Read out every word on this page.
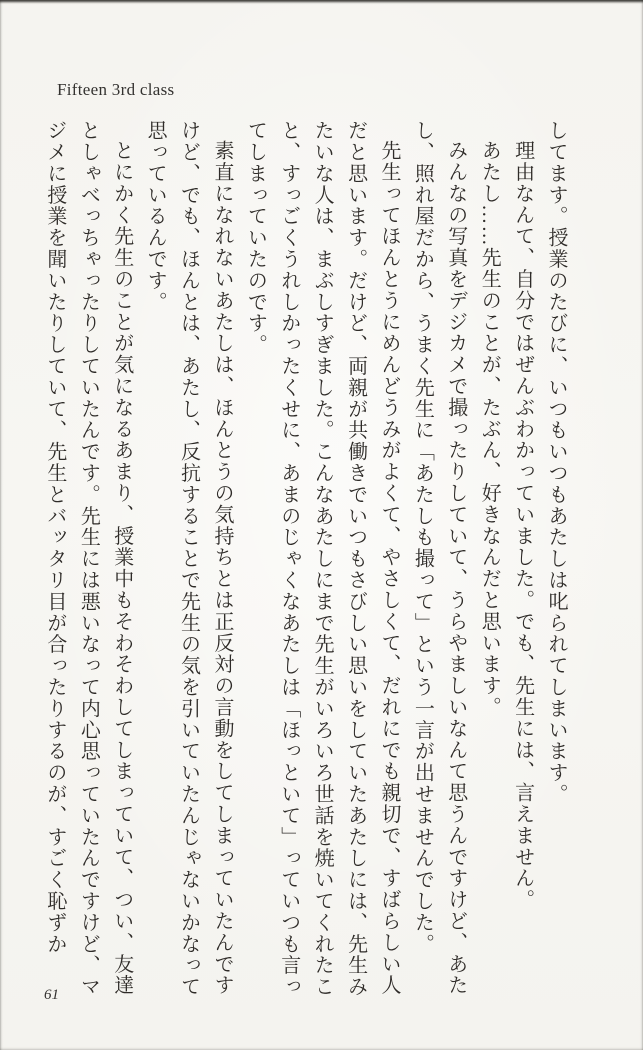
Fifteen 3rd class

してます。授業のたびに、いつもいつもあたしは叱られてしまいます。

理由なんて、自分ではぜんぶわかっていました。でも、先生には、言えません。

あたし……先生のことが、たぶん、好きなんだと思います。

みんなの写真をデジカメで撮ったりしていて、うらやましいなんて思うんですけど、あたし、照れ屋だから、うまく先生に「あたしも撮って」という一言が出せませんでした。

先生ってほんとうにめんどうみがよくて、やさしくて、だれにでも親切で、すばらしい人だと思います。だけど、両親が共働きでいつもさびしい思いをしていたあたしには、先生みたいな人は、まぶしすぎました。こんなあたしにまで先生がいろいろ世話を焼いてくれたこと、すっごくうれしかったくせに、あまのじゃくなあたしは「ほっといて」っていつも言ってしまっていたのです。

素直になれないあたしは、ほんとうの気持ちとは正反対の言動をしてしまっていたんですけど、でも、ほんとは、あたし、反抗することで先生の気を引いていたんじゃないかなって思っているんです。

とにかく先生のことが気になるあまり、授業中もそわそわしてしまっていて、つい、友達としゃべっちゃったりしていたんです。先生には悪いなって内心思っていたんですけど、マジメに授業を聞いたりしていて、先生とバッタリ目が合ったりするのが、すごく恥ずか

61
